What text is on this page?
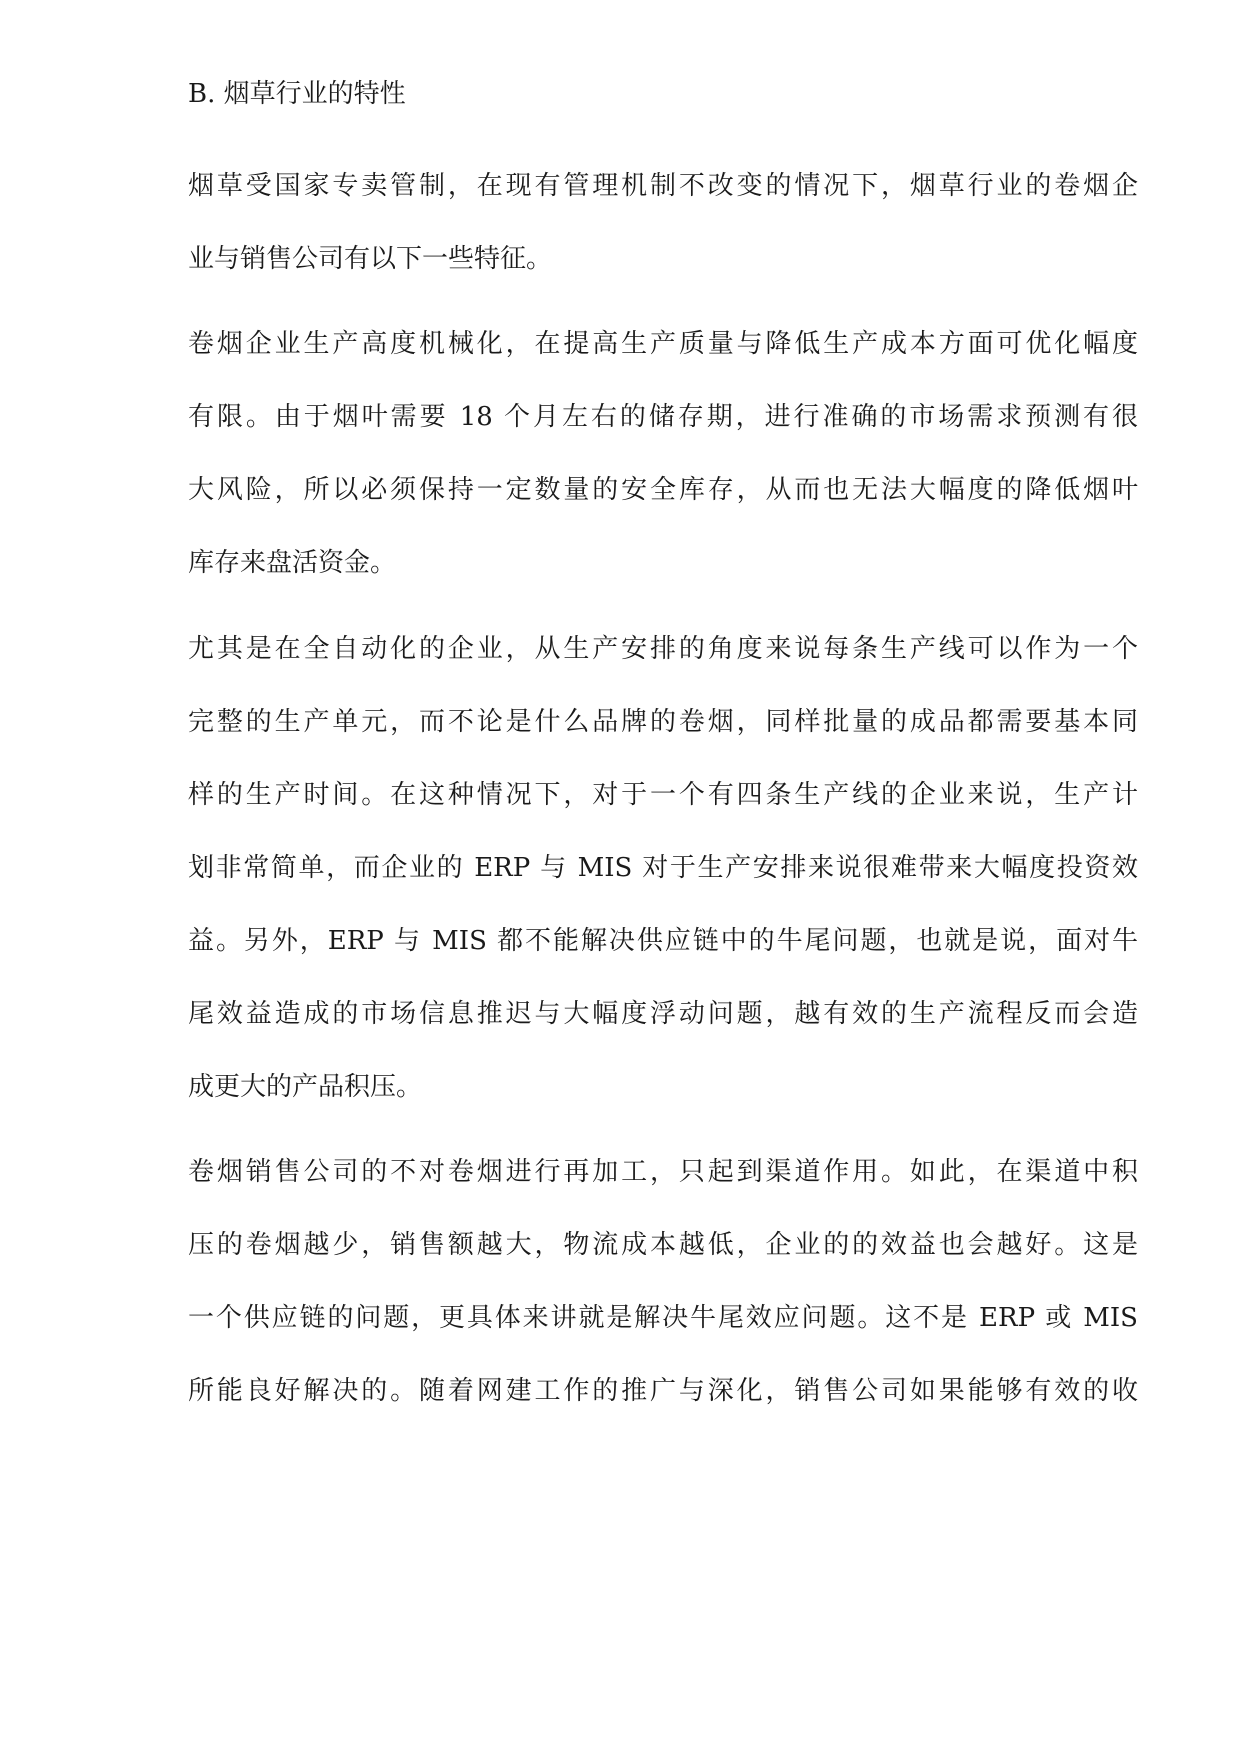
B. 烟草行业的特性
烟草受国家专卖管制，在现有管理机制不改变的情况下，烟草行业的卷烟企
业与销售公司有以下一些特征。
卷烟企业生产高度机械化，在提高生产质量与降低生产成本方面可优化幅度
有限。由于烟叶需要 18 个月左右的储存期，进行准确的市场需求预测有很
大风险，所以必须保持一定数量的安全库存，从而也无法大幅度的降低烟叶
库存来盘活资金。
尤其是在全自动化的企业，从生产安排的角度来说每条生产线可以作为一个
完整的生产单元，而不论是什么品牌的卷烟，同样批量的成品都需要基本同
样的生产时间。在这种情况下，对于一个有四条生产线的企业来说，生产计
划非常简单，而企业的 ERP 与 MIS 对于生产安排来说很难带来大幅度投资效
益。另外，ERP 与 MIS 都不能解决供应链中的牛尾问题，也就是说，面对牛
尾效益造成的市场信息推迟与大幅度浮动问题，越有效的生产流程反而会造
成更大的产品积压。
卷烟销售公司的不对卷烟进行再加工，只起到渠道作用。如此，在渠道中积
压的卷烟越少，销售额越大，物流成本越低，企业的的效益也会越好。这是
一个供应链的问题，更具体来讲就是解决牛尾效应问题。这不是 ERP 或 MIS
所能良好解决的。随着网建工作的推广与深化，销售公司如果能够有效的收
